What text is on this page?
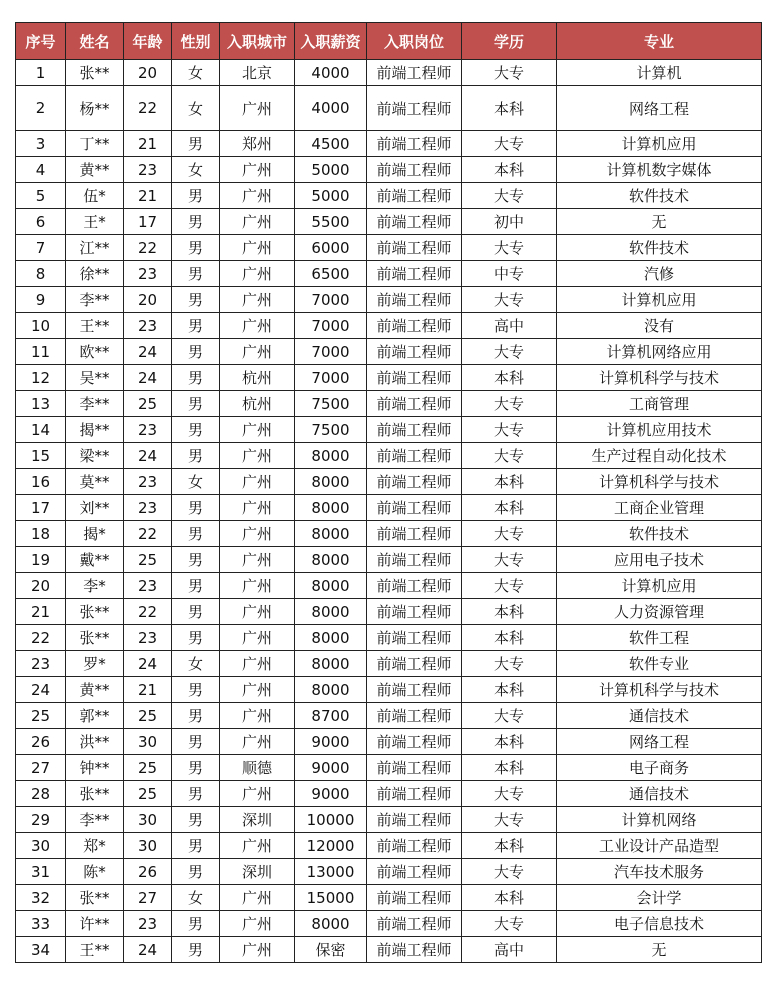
序号	姓名	年龄	性别	入职城市	入职薪资	入职岗位	学历	专业
1	张**	20	女	北京	4000	前端工程师	大专	计算机
2	杨**	22	女	广州	4000	前端工程师	本科	网络工程
3	丁**	21	男	郑州	4500	前端工程师	大专	计算机应用
4	黄**	23	女	广州	5000	前端工程师	本科	计算机数字媒体
5	伍*	21	男	广州	5000	前端工程师	大专	软件技术
6	王*	17	男	广州	5500	前端工程师	初中	无
7	江**	22	男	广州	6000	前端工程师	大专	软件技术
8	徐**	23	男	广州	6500	前端工程师	中专	汽修
9	李**	20	男	广州	7000	前端工程师	大专	计算机应用
10	王**	23	男	广州	7000	前端工程师	高中	没有
11	欧**	24	男	广州	7000	前端工程师	大专	计算机网络应用
12	吴**	24	男	杭州	7000	前端工程师	本科	计算机科学与技术
13	李**	25	男	杭州	7500	前端工程师	大专	工商管理
14	揭**	23	男	广州	7500	前端工程师	大专	计算机应用技术
15	梁**	24	男	广州	8000	前端工程师	大专	生产过程自动化技术
16	莫**	23	女	广州	8000	前端工程师	本科	计算机科学与技术
17	刘**	23	男	广州	8000	前端工程师	本科	工商企业管理
18	揭*	22	男	广州	8000	前端工程师	大专	软件技术
19	戴**	25	男	广州	8000	前端工程师	大专	应用电子技术
20	李*	23	男	广州	8000	前端工程师	大专	计算机应用
21	张**	22	男	广州	8000	前端工程师	本科	人力资源管理
22	张**	23	男	广州	8000	前端工程师	本科	软件工程
23	罗*	24	女	广州	8000	前端工程师	大专	软件专业
24	黄**	21	男	广州	8000	前端工程师	本科	计算机科学与技术
25	郭**	25	男	广州	8700	前端工程师	大专	通信技术
26	洪**	30	男	广州	9000	前端工程师	本科	网络工程
27	钟**	25	男	顺德	9000	前端工程师	本科	电子商务
28	张**	25	男	广州	9000	前端工程师	大专	通信技术
29	李**	30	男	深圳	10000	前端工程师	大专	计算机网络
30	郑*	30	男	广州	12000	前端工程师	本科	工业设计产品造型
31	陈*	26	男	深圳	13000	前端工程师	大专	汽车技术服务
32	张**	27	女	广州	15000	前端工程师	本科	会计学
33	许**	23	男	广州	8000	前端工程师	大专	电子信息技术
34	王**	24	男	广州	保密	前端工程师	高中	无
